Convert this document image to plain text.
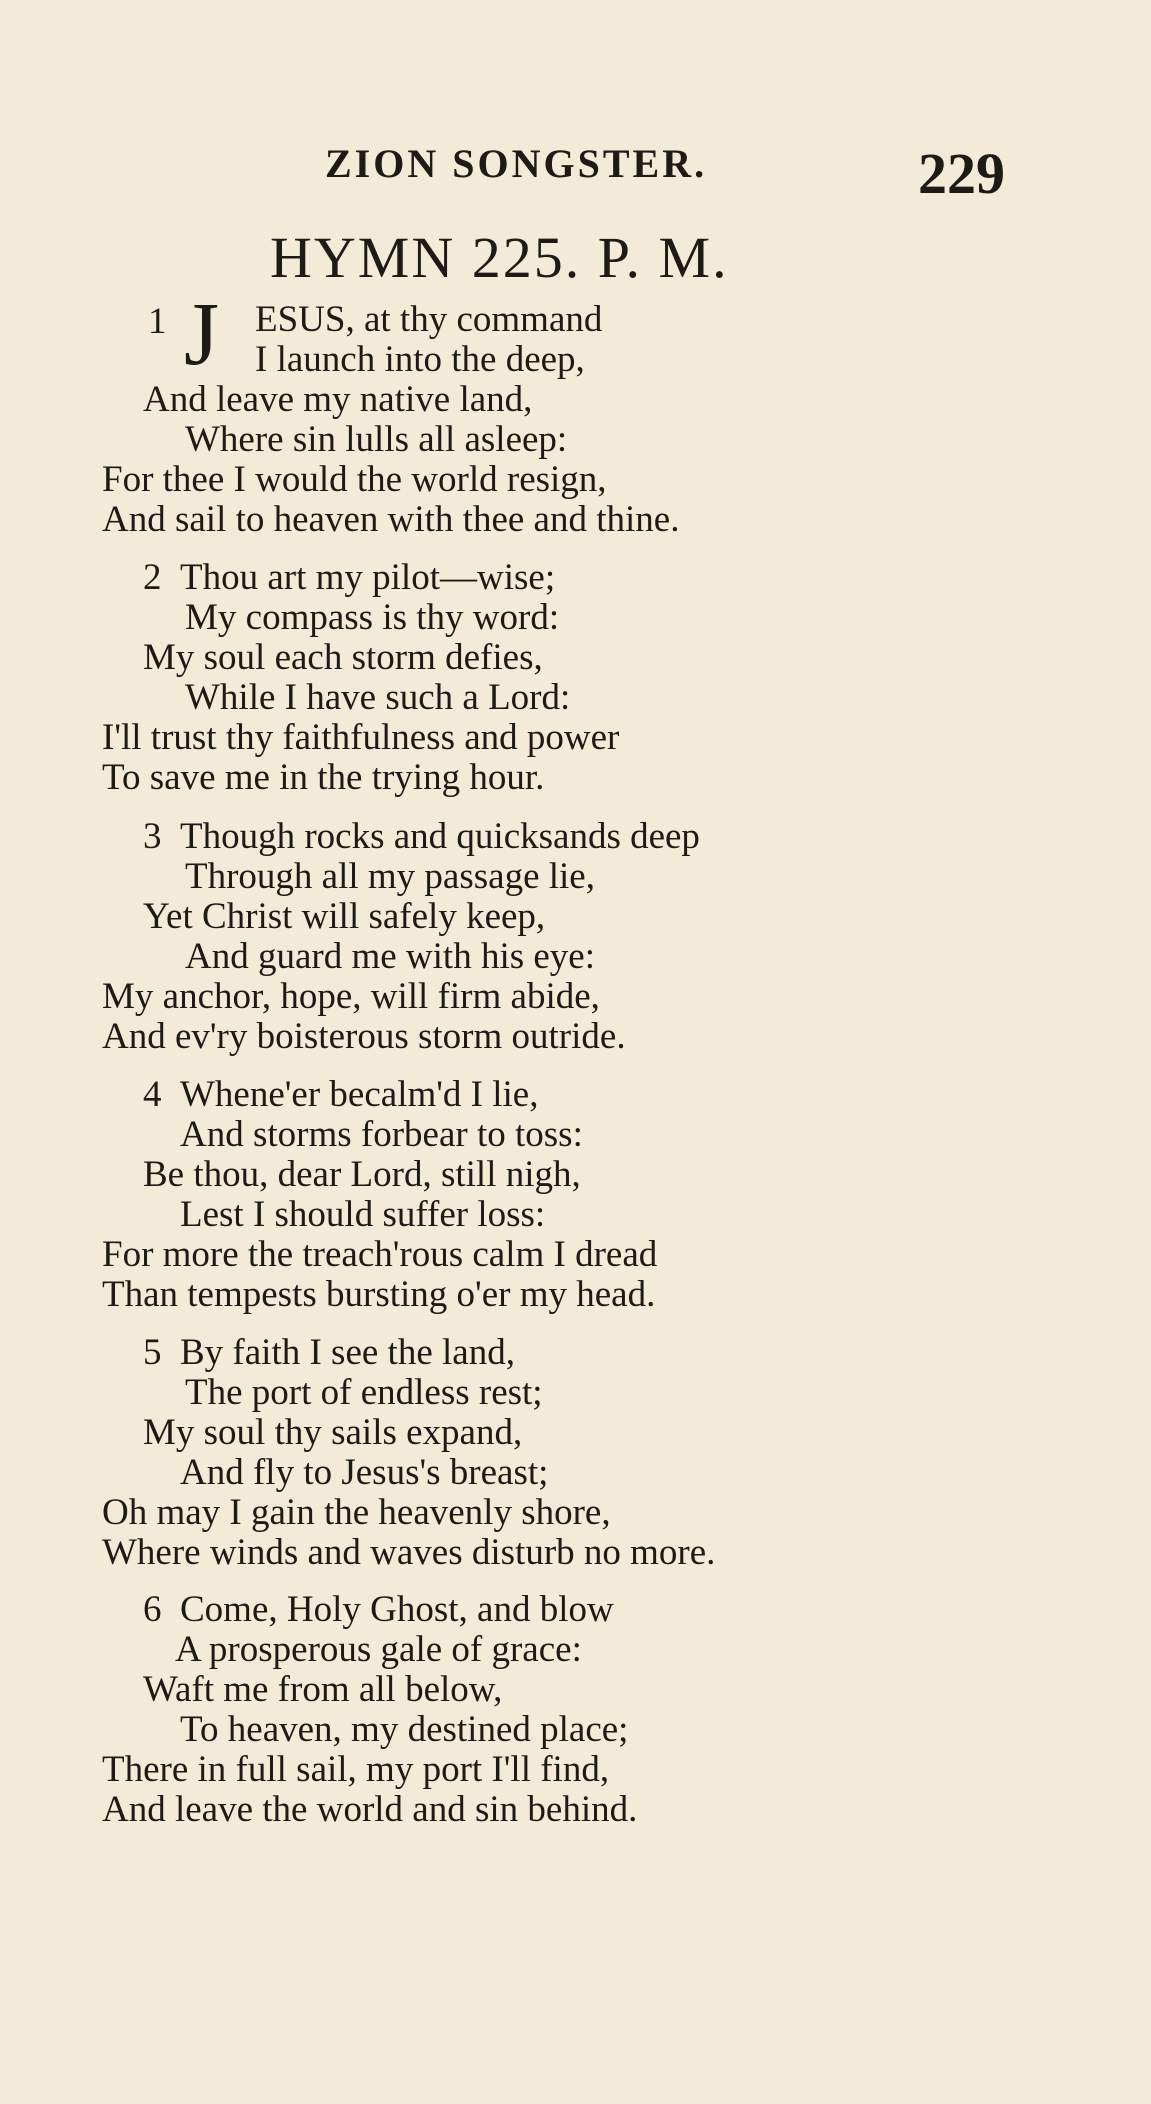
ZION SONGSTER.	229
HYMN 225. P. M.
1 J ESUS, at thy command
I launch into the deep,
And leave my native land,
Where sin lulls all asleep:
For thee I would the world resign,
And sail to heaven with thee and thine.
2 Thou art my pilot—wise;
My compass is thy word:
My soul each storm defies,
While I have such a Lord:
I'll trust thy faithfulness and power
To save me in the trying hour.
3 Though rocks and quicksands deep
Through all my passage lie,
Yet Christ will safely keep,
And guard me with his eye:
My anchor, hope, will firm abide,
And ev'ry boisterous storm outride.
4 Whene'er becalm'd I lie,
And storms forbear to toss:
Be thou, dear Lord, still nigh,
Lest I should suffer loss:
For more the treach'rous calm I dread
Than tempests bursting o'er my head.
5 By faith I see the land,
The port of endless rest;
My soul thy sails expand,
And fly to Jesus's breast;
Oh may I gain the heavenly shore,
Where winds and waves disturb no more.
6 Come, Holy Ghost, and blow
A prosperous gale of grace:
Waft me from all below,
To heaven, my destined place;
There in full sail, my port I'll find,
And leave the world and sin behind.
